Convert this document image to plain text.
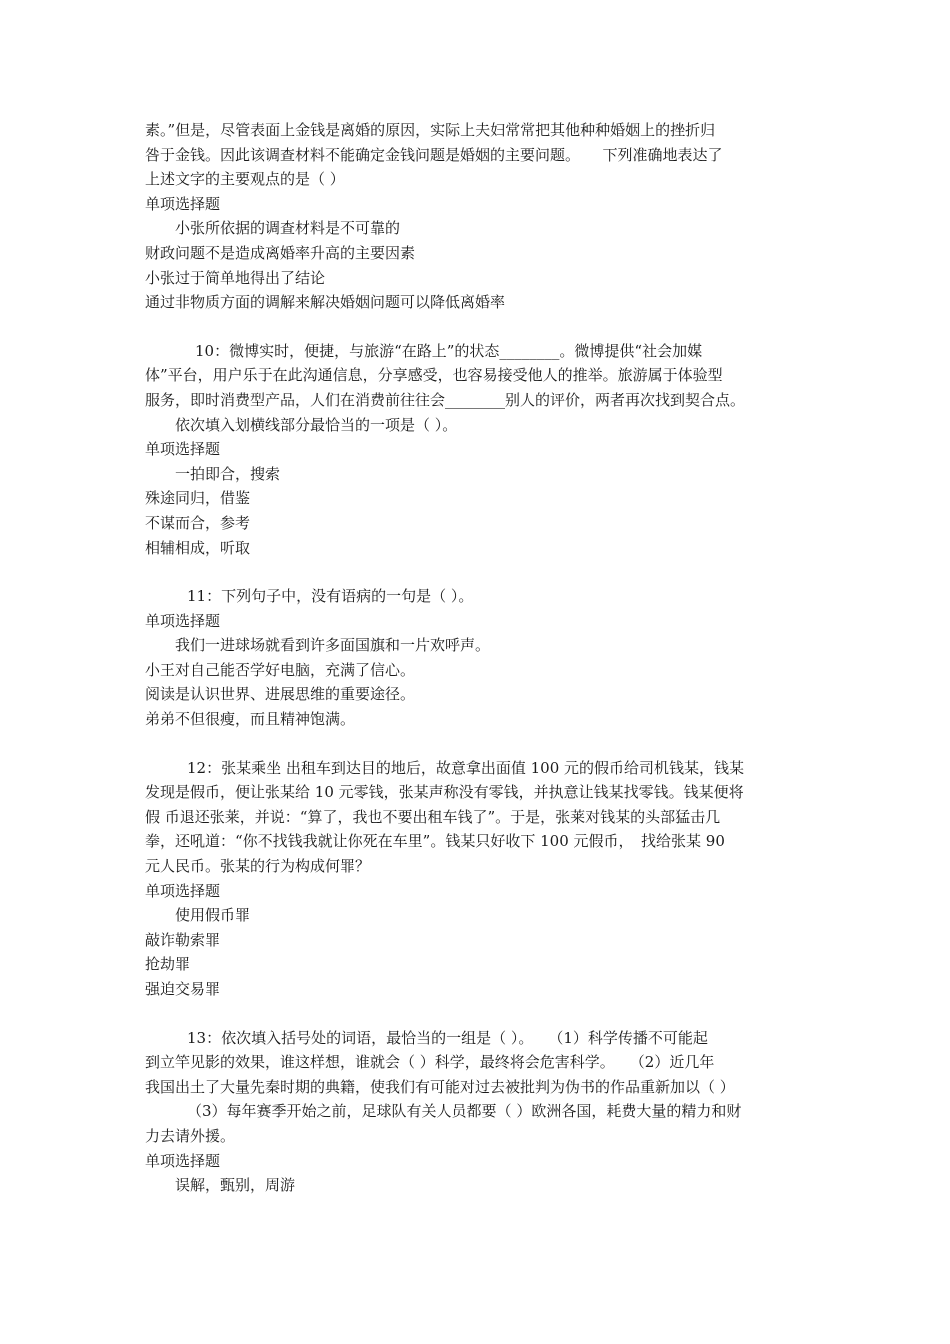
素。”但是，尽管表面上金钱是离婚的原因，实际上夫妇常常把其他种种婚姻上的挫折归
咎于金钱。因此该调查材料不能确定金钱问题是婚姻的主要问题。　　下列准确地表达了
上述文字的主要观点的是（ ）
单项选择题
小张所依据的调查材料是不可靠的
财政问题不是造成离婚率升高的主要因素
小张过于简单地得出了结论
通过非物质方面的调解来解决婚姻问题可以降低离婚率
10：微博实时，便捷，与旅游“在路上”的状态________。微博提供“社会加媒
体”平台，用户乐于在此沟通信息，分享感受，也容易接受他人的推举。旅游属于体验型
服务，即时消费型产品，人们在消费前往往会________别人的评价，两者再次找到契合点。
依次填入划横线部分最恰当的一项是（ ）。
单项选择题
一拍即合，搜索
殊途同归，借鉴
不谋而合，参考
相辅相成，听取
11：下列句子中，没有语病的一句是（ ）。
单项选择题
我们一进球场就看到许多面国旗和一片欢呼声。
小王对自己能否学好电脑，充满了信心。
阅读是认识世界、进展思维的重要途径。
弟弟不但很瘦，而且精神饱满。
12：张某乘坐 出租车到达目的地后，故意拿出面值 100 元的假币给司机钱某，钱某
发现是假币，便让张某给 10 元零钱，张某声称没有零钱，并执意让钱某找零钱。钱某便将
假 币退还张莱，并说：“算了，我也不要出租车钱了”。于是，张莱对钱某的头部猛击几
拳，还吼道：“你不找钱我就让你死在车里”。钱某只好收下 100 元假币，　找给张某 90
元人民币。张某的行为构成何罪？
单项选择题
使用假币罪
敲诈勒索罪
抢劫罪
强迫交易罪
13：依次填入括号处的词语，最恰当的一组是（ ）。　　（1）科学传播不可能起
到立竿见影的效果，谁这样想，谁就会（ ）科学，最终将会危害科学。　　（2）近几年
我国出土了大量先秦时期的典籍，使我们有可能对过去被批判为伪书的作品重新加以（ ）
（3）每年赛季开始之前，足球队有关人员都要（ ）欧洲各国，耗费大量的精力和财
力去请外援。
单项选择题
误解，甄别，周游
